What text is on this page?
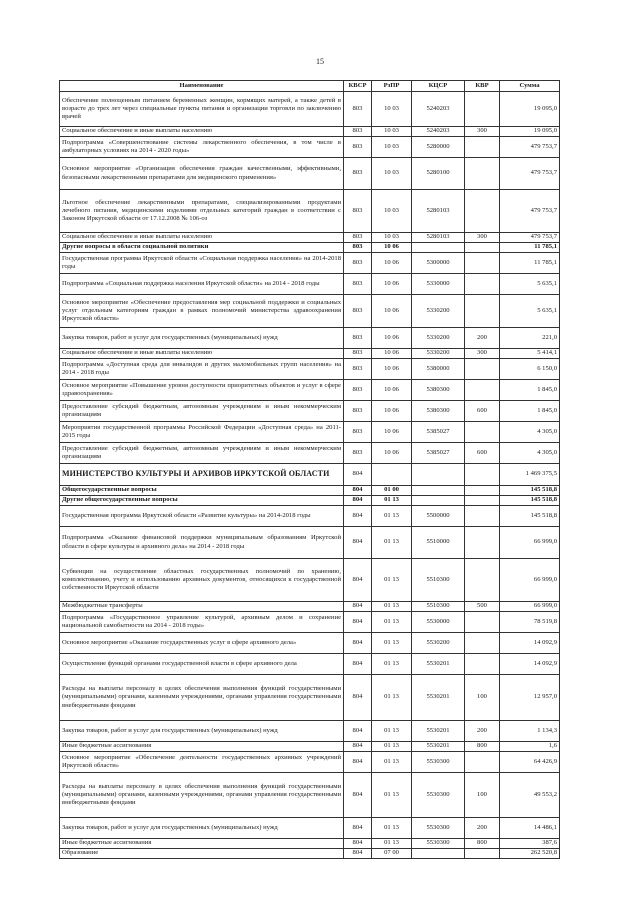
15
Наименование	КВСР	РзПР	КЦСР	КВР	Сумма
Обеспечение полноценным питанием беременных женщин, кормящих матерей, а также детей в возрасте до трех лет через специальные пункты питания и организации торговли по заключению врачей	803	10 03	5240203		19 095,0
Социальное обеспечение и иные выплаты населению	803	10 03	5240203	300	19 095,0
Подпрограмма «Совершенствование системы лекарственного обеспечения, в том числе в амбулаторных условиях на 2014 - 2020 годы»	803	10 03	5280000		479 753,7
Основное мероприятие «Организация обеспечения граждан качественными, эффективными, безопасными лекарственными препаратами для медицинского применения»	803	10 03	5280100		479 753,7
Льготное обеспечение лекарственными препаратами, специализированными продуктами лечебного питания, медицинскими изделиями отдельных категорий граждан в соответствии с Законом Иркутской области от 17.12.2008 № 106-оз	803	10 03	5280103		479 753,7
Социальное обеспечение и иные выплаты населению	803	10 03	5280103	300	479 753,7
Другие вопросы в области социальной политики	803	10 06			11 785,1
Государственная программа Иркутской области «Социальная поддержка населения» на 2014-2018 годы	803	10 06	5300000		11 785,1
Подпрограмма «Социальная поддержка населения Иркутской области» на 2014 - 2018 годы	803	10 06	5330000		5 635,1
Основное мероприятие «Обеспечение предоставления мер социальной поддержки и социальных услуг отдельным категориям граждан в рамках полномочий министерства здравоохранения Иркутской области»	803	10 06	5330200		5 635,1
Закупка товаров, работ и услуг для государственных (муниципальных) нужд	803	10 06	5330200	200	221,0
Социальное обеспечение и иные выплаты населению	803	10 06	5330200	300	5 414,1
Подпрограмма «Доступная среда для инвалидов и других маломобильных групп населения» на 2014 - 2018 годы	803	10 06	5380000		6 150,0
Основное мероприятие «Повышение уровня доступности приоритетных объектов и услуг в сфере здравоохранения»	803	10 06	5380300		1 845,0
Предоставление субсидий бюджетным, автономным учреждениям и иным некоммерческим организациям	803	10 06	5380300	600	1 845,0
Мероприятия государственной программы Российской Федерации «Доступная среда» на 2011-2015 годы	803	10 06	5385027		4 305,0
Предоставление субсидий бюджетным, автономным учреждениям и иным некоммерческим организациям	803	10 06	5385027	600	4 305,0
МИНИСТЕРСТВО КУЛЬТУРЫ И АРХИВОВ ИРКУТСКОЙ ОБЛАСТИ	804				1 469 375,5
Общегосударственные вопросы	804	01 00			145 518,8
Другие общегосударственные вопросы	804	01 13			145 518,8
Государственная программа Иркутской области «Развитие культуры» на 2014-2018 годы	804	01 13	5500000		145 518,8
Подпрограмма «Оказание финансовой поддержки муниципальным образованиям Иркутской области в сфере культуры и архивного дела» на 2014 - 2018 годы	804	01 13	5510000		66 999,0
Субвенции на осуществление областных государственных полномочий по хранению, комплектованию, учету и использованию архивных документов, относящихся к государственной собственности Иркутской области	804	01 13	5510300		66 999,0
Межбюджетные трансферты	804	01 13	5510300	500	66 999,0
Подпрограмма «Государственное управление культурой, архивным делом и сохранение национальной самобытности на 2014 - 2018 годы»	804	01 13	5530000		78 519,8
Основное мероприятие «Оказание государственных услуг в сфере архивного дела»	804	01 13	5530200		14 092,9
Осуществление функций органами государственной власти в сфере архивного дела	804	01 13	5530201		14 092,9
Расходы на выплаты персоналу в целях обеспечения выполнения функций государственными (муниципальными) органами, казенными учреждениями, органами управления государственными внебюджетными фондами	804	01 13	5530201	100	12 957,0
Закупка товаров, работ и услуг для государственных (муниципальных) нужд	804	01 13	5530201	200	1 134,3
Иные бюджетные ассигнования	804	01 13	5530201	800	1,6
Основное мероприятие «Обеспечение деятельности государственных архивных учреждений Иркутской области»	804	01 13	5530300		64 426,9
Расходы на выплаты персоналу в целях обеспечения выполнения функций государственными (муниципальными) органами, казенными учреждениями, органами управления государственными внебюджетными фондами	804	01 13	5530300	100	49 553,2
Закупка товаров, работ и услуг для государственных (муниципальных) нужд	804	01 13	5530300	200	14 486,1
Иные бюджетные ассигнования	804	01 13	5530300	800	387,6
Образование	804	07 00			262 520,8
